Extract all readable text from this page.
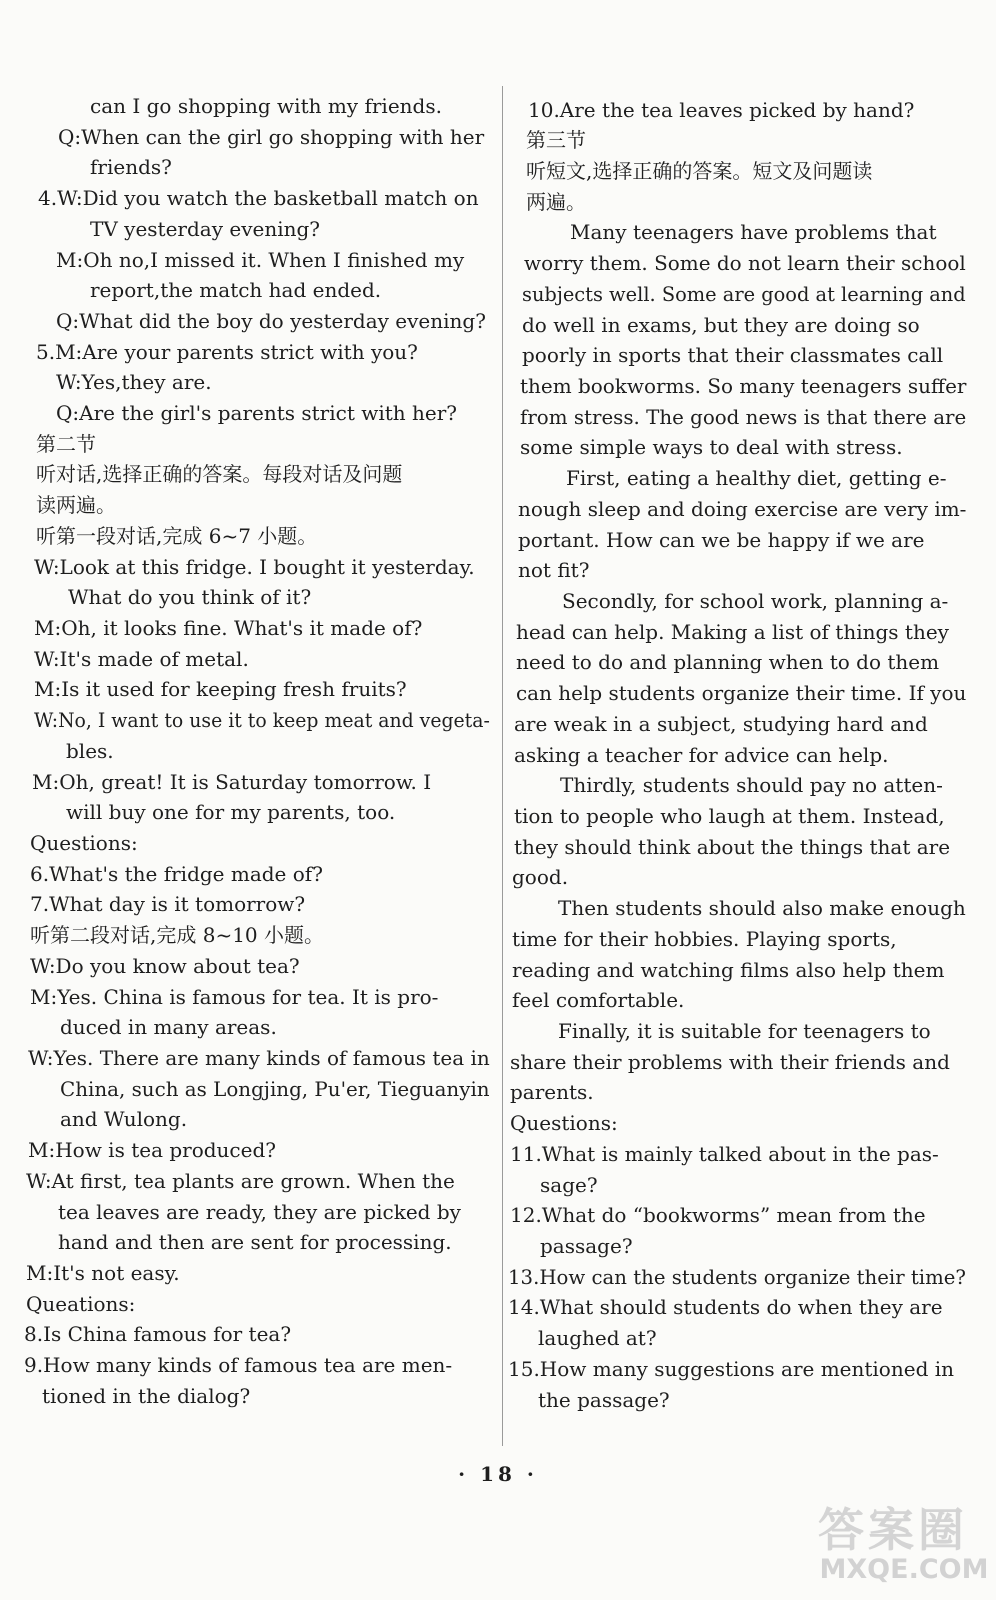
can I go shopping with my friends.
Q:When can the girl go shopping with her
friends?
4.W:Did you watch the basketball match on
TV yesterday evening?
M:Oh no,I missed it. When I finished my
report,the match had ended.
Q:What did the boy do yesterday evening?
5.M:Are your parents strict with you?
W:Yes,they are.
Q:Are the girl's parents strict with her?
第二节
听对话,选择正确的答案。每段对话及问题
读两遍。
听第一段对话,完成 6~7 小题。
W:Look at this fridge. I bought it yesterday.
What do you think of it?
M:Oh, it looks fine. What's it made of?
W:It's made of metal.
M:Is it used for keeping fresh fruits?
W:No, I want to use it to keep meat and vegeta-
bles.
M:Oh, great! It is Saturday tomorrow. I
will buy one for my parents, too.
Questions:
6.What's the fridge made of?
7.What day is it tomorrow?
听第二段对话,完成 8~10 小题。
W:Do you know about tea?
M:Yes. China is famous for tea. It is pro-
duced in many areas.
W:Yes. There are many kinds of famous tea in
China, such as Longjing, Pu'er, Tieguanyin
and Wulong.
M:How is tea produced?
W:At first, tea plants are grown. When the
tea leaves are ready, they are picked by
hand and then are sent for processing.
M:It's not easy.
Queations:
8.Is China famous for tea?
9.How many kinds of famous tea are men-
tioned in the dialog?
10.Are the tea leaves picked by hand?
第三节
听短文,选择正确的答案。短文及问题读
两遍。
Many teenagers have problems that
worry them. Some do not learn their school
subjects well. Some are good at learning and
do well in exams, but they are doing so
poorly in sports that their classmates call
them bookworms. So many teenagers suffer
from stress. The good news is that there are
some simple ways to deal with stress.
First, eating a healthy diet, getting e-
nough sleep and doing exercise are very im-
portant. How can we be happy if we are
not fit?
Secondly, for school work, planning a-
head can help. Making a list of things they
need to do and planning when to do them
can help students organize their time. If you
are weak in a subject, studying hard and
asking a teacher for advice can help.
Thirdly, students should pay no atten-
tion to people who laugh at them. Instead,
they should think about the things that are
good.
Then students should also make enough
time for their hobbies. Playing sports,
reading and watching films also help them
feel comfortable.
Finally, it is suitable for teenagers to
share their problems with their friends and
parents.
Questions:
11.What is mainly talked about in the pas-
sage?
12.What do “bookworms” mean from the
passage?
13.How can the students organize their time?
14.What should students do when they are
laughed at?
15.How many suggestions are mentioned in
the passage?
· 18 ·
答案圈
MXQE.COM
